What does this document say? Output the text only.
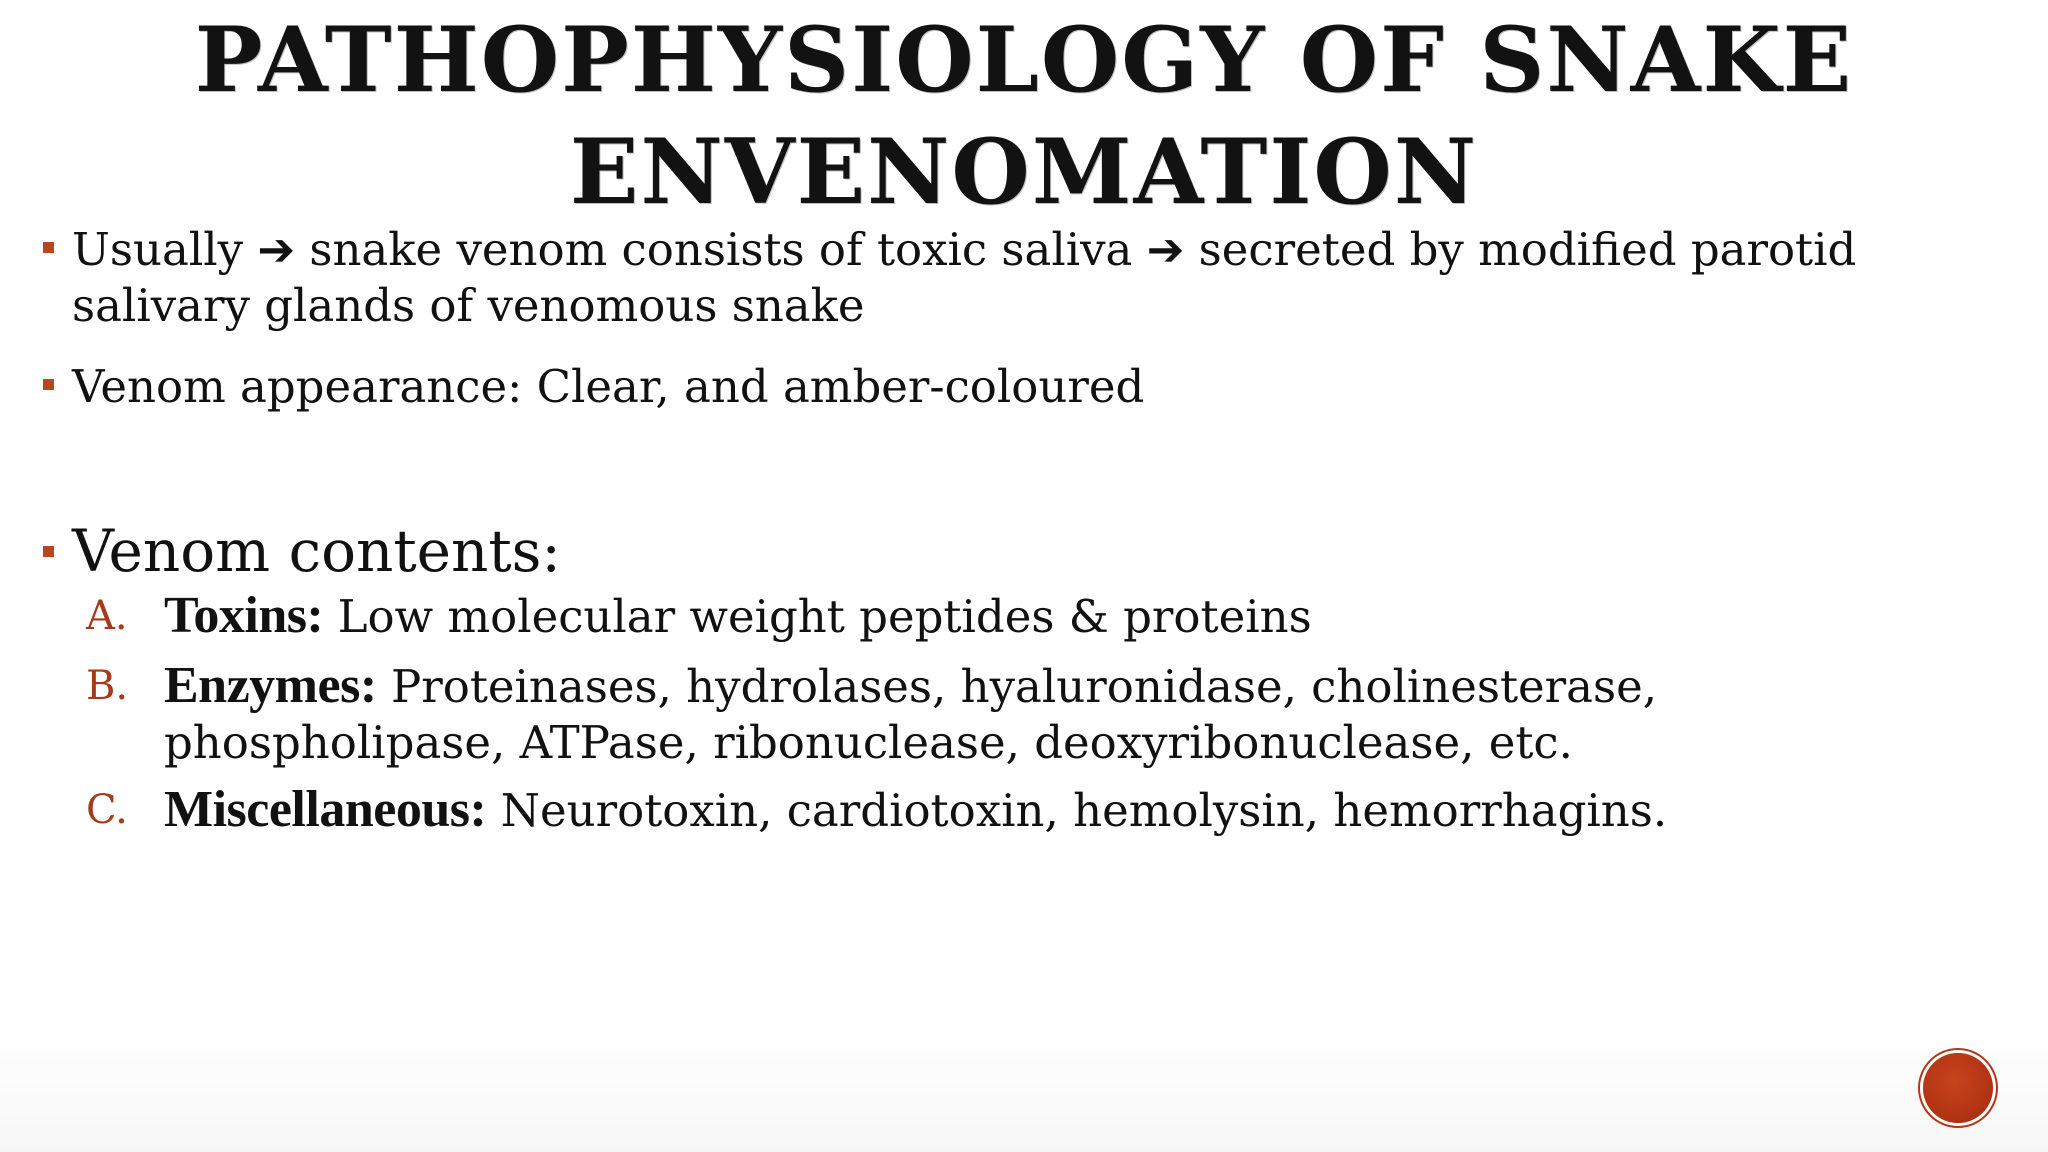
PATHOPHYSIOLOGY OF SNAKE
ENVENOMATION
Usually ➔ snake venom consists of toxic saliva ➔ secreted by modified parotid salivary glands of venomous snake
Venom appearance: Clear, and amber-coloured
Venom contents:
A. Toxins: Low molecular weight peptides & proteins
B. Enzymes: Proteinases, hydrolases, hyaluronidase, cholinesterase, phospholipase, ATPase, ribonuclease, deoxyribonuclease, etc.
C. Miscellaneous: Neurotoxin, cardiotoxin, hemolysin, hemorrhagins.
